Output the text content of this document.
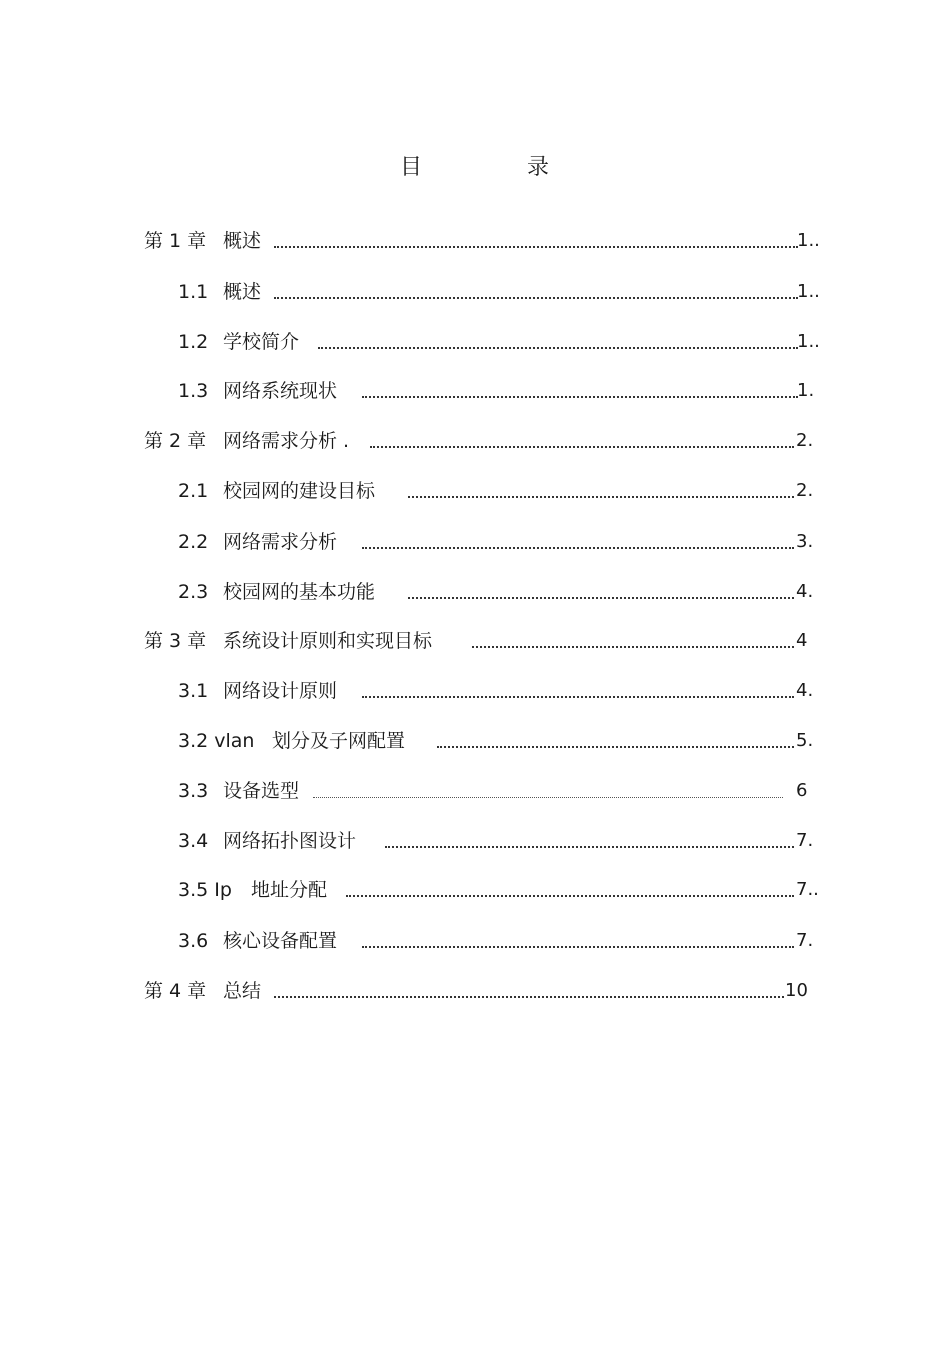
目	录
第 1 章 概述	1..
1.1 概述	1..
1.2 学校简介	1..
1.3 网络系统现状	1.
第 2 章 网络需求分析 .	2.
2.1 校园网的建设目标	2.
2.2 网络需求分析	3.
2.3 校园网的基本功能	4.
第 3 章 系统设计原则和实现目标	4
3.1 网络设计原则	4.
3.2 vlan 划分及子网配置	5.
3.3 设备选型	6
3.4 网络拓扑图设计	7.
3.5 Ip 地址分配	7..
3.6 核心设备配置	7.
第 4 章 总结	10
